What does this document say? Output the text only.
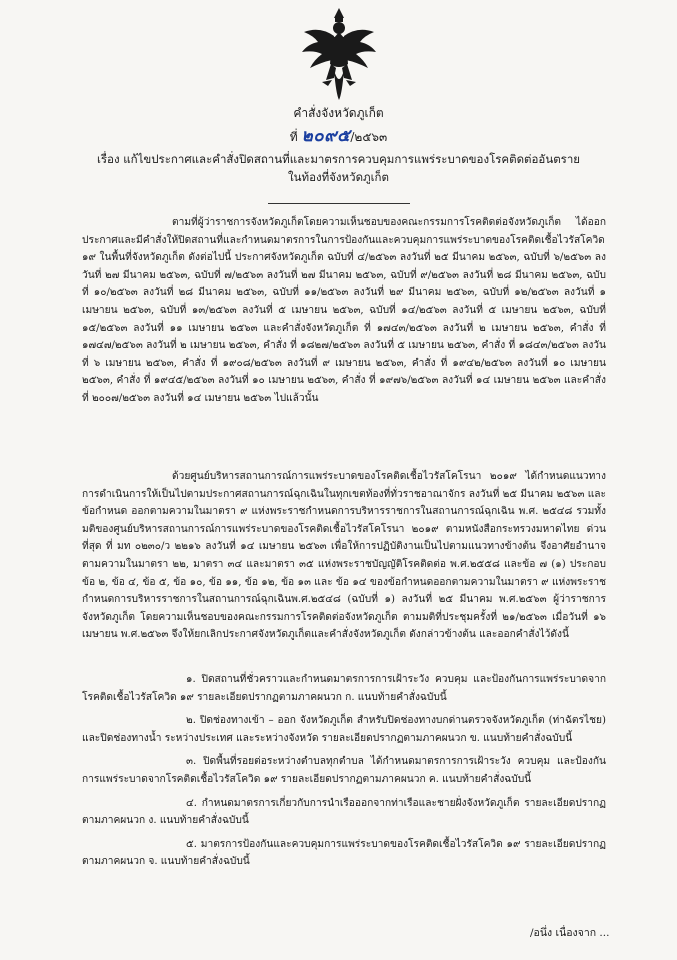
คำสั่งจังหวัดภูเก็ต
ที่ ๒๐๙๕/๒๕๖๓
เรื่อง แก้ไขประกาศและคำสั่งปิดสถานที่และมาตรการควบคุมการแพร่ระบาดของโรคติดต่ออันตราย
ในท้องที่จังหวัดภูเก็ต

ตามที่ผู้ว่าราชการจังหวัดภูเก็ตโดยความเห็นชอบของคณะกรรมการโรคติดต่อจังหวัดภูเก็ต ได้ออกประกาศและมีคำสั่งให้ปิดสถานที่และกำหนดมาตรการในการป้องกันและควบคุมการแพร่ระบาดของโรคติดเชื้อไวรัสโควิด ๑๙ ในพื้นที่จังหวัดภูเก็ต ดังต่อไปนี้ ประกาศจังหวัดภูเก็ต ฉบับที่ ๔/๒๕๖๓ ลงวันที่ ๒๕ มีนาคม ๒๕๖๓, ฉบับที่ ๖/๒๕๖๓ ลงวันที่ ๒๗ มีนาคม ๒๕๖๓, ฉบับที่ ๗/๒๕๖๓ ลงวันที่ ๒๗ มีนาคม ๒๕๖๓, ฉบับที่ ๙/๒๕๖๓ ลงวันที่ ๒๘ มีนาคม ๒๕๖๓, ฉบับที่ ๑๐/๒๕๖๓ ลงวันที่ ๒๘ มีนาคม ๒๕๖๓, ฉบับที่ ๑๑/๒๕๖๓ ลงวันที่ ๒๙ มีนาคม ๒๕๖๓, ฉบับที่ ๑๒/๒๕๖๓ ลงวันที่ ๑ เมษายน ๒๕๖๓, ฉบับที่ ๑๓/๒๕๖๓ ลงวันที่ ๕ เมษายน ๒๕๖๓, ฉบับที่ ๑๔/๒๕๖๓ ลงวันที่ ๕ เมษายน ๒๕๖๓, ฉบับที่ ๑๕/๒๕๖๓ ลงวันที่ ๑๑ เมษายน ๒๕๖๓ และคำสั่งจังหวัดภูเก็ต ที่ ๑๗๔๓/๒๕๖๓ ลงวันที่ ๒ เมษายน ๒๕๖๓, คำสั่ง ที่ ๑๗๔๗/๒๕๖๓ ลงวันที่ ๒ เมษายน ๒๕๖๓, คำสั่ง ที่ ๑๘๒๗/๒๕๖๓ ลงวันที่ ๕ เมษายน ๒๕๖๓, คำสั่ง ที่ ๑๘๔๓/๒๕๖๓ ลงวันที่ ๖ เมษายน ๒๕๖๓, คำสั่ง ที่ ๑๙๐๘/๒๕๖๓ ลงวันที่ ๙ เมษายน ๒๕๖๓, คำสั่ง ที่ ๑๙๔๒/๒๕๖๓ ลงวันที่ ๑๐ เมษายน ๒๕๖๓, คำสั่ง ที่ ๑๙๔๕/๒๕๖๓ ลงวันที่ ๑๐ เมษายน ๒๕๖๓, คำสั่ง ที่ ๑๙๗๖/๒๕๖๓ ลงวันที่ ๑๔ เมษายน ๒๕๖๓ และคำสั่ง ที่ ๒๐๐๗/๒๕๖๓ ลงวันที่ ๑๔ เมษายน ๒๕๖๓ ไปแล้วนั้น

ด้วยศูนย์บริหารสถานการณ์การแพร่ระบาดของโรคติดเชื้อไวรัสโคโรนา ๒๐๑๙ ได้กำหนดแนวทางการดำเนินการให้เป็นไปตามประกาศสถานการณ์ฉุกเฉินในทุกเขตท้องที่ทั่วราชอาณาจักร ลงวันที่ ๒๕ มีนาคม ๒๕๖๓ และข้อกำหนด ออกตามความในมาตรา ๙ แห่งพระราชกำหนดการบริหารราชการในสถานการณ์ฉุกเฉิน พ.ศ. ๒๕๔๘ รวมทั้งมติของศูนย์บริหารสถานการณ์การแพร่ระบาดของโรคติดเชื้อไวรัสโคโรนา ๒๐๑๙ ตามหนังสือกระทรวงมหาดไทย ด่วนที่สุด ที่ มท ๐๒๓๐/ว ๒๒๑๖ ลงวันที่ ๑๔ เมษายน ๒๕๖๓ เพื่อให้การปฏิบัติงานเป็นไปตามแนวทางข้างต้น จึงอาศัยอำนาจตามความในมาตรา ๒๒, มาตรา ๓๔ และมาตรา ๓๕ แห่งพระราชบัญญัติโรคติดต่อ พ.ศ.๒๕๕๘ และข้อ ๗ (๑) ประกอบข้อ ๒, ข้อ ๔, ข้อ ๕, ข้อ ๑๐, ข้อ ๑๑, ข้อ ๑๒, ข้อ ๑๓ และ ข้อ ๑๔ ของข้อกำหนดออกตามความในมาตรา ๙ แห่งพระราชกำหนดการบริหารราชการในสถานการณ์ฉุกเฉินพ.ศ.๒๕๔๘ (ฉบับที่ ๑) ลงวันที่ ๒๕ มีนาคม พ.ศ.๒๕๖๓ ผู้ว่าราชการจังหวัดภูเก็ต โดยความเห็นชอบของคณะกรรมการโรคติดต่อจังหวัดภูเก็ต ตามมติที่ประชุมครั้งที่ ๒๑/๒๕๖๓ เมื่อวันที่ ๑๖ เมษายน พ.ศ.๒๕๖๓ จึงให้ยกเลิกประกาศจังหวัดภูเก็ตและคำสั่งจังหวัดภูเก็ต ดังกล่าวข้างต้น และออกคำสั่งไว้ดังนี้

๑. ปิดสถานที่ชั่วคราวและกำหนดมาตรการการเฝ้าระวัง ควบคุม และป้องกันการแพร่ระบาดจากโรคติดเชื้อไวรัสโควิด ๑๙ รายละเอียดปรากฏตามภาคผนวก ก. แนบท้ายคำสั่งฉบับนี้

๒. ปิดช่องทางเข้า – ออก จังหวัดภูเก็ต สำหรับปิดช่องทางบกด่านตรวจจังหวัดภูเก็ต (ท่าฉัตรไชย) และปิดช่องทางน้ำ ระหว่างประเทศ และระหว่างจังหวัด รายละเอียดปรากฏตามภาคผนวก ข. แนบท้ายคำสั่งฉบับนี้

๓. ปิดพื้นที่รอยต่อระหว่างตำบลทุกตำบล ได้กำหนดมาตรการการเฝ้าระวัง ควบคุม และป้องกันการแพร่ระบาดจากโรคติดเชื้อไวรัสโควิด ๑๙ รายละเอียดปรากฏตามภาคผนวก ค. แนบท้ายคำสั่งฉบับนี้

๔. กำหนดมาตรการเกี่ยวกับการนำเรือออกจากท่าเรือและชายฝั่งจังหวัดภูเก็ต รายละเอียดปรากฏตามภาคผนวก ง. แนบท้ายคำสั่งฉบับนี้

๕. มาตรการป้องกันและควบคุมการแพร่ระบาดของโรคติดเชื้อไวรัสโควิด ๑๙ รายละเอียดปรากฏตามภาคผนวก จ. แนบท้ายคำสั่งฉบับนี้

/อนึ่ง เนื่องจาก ...
